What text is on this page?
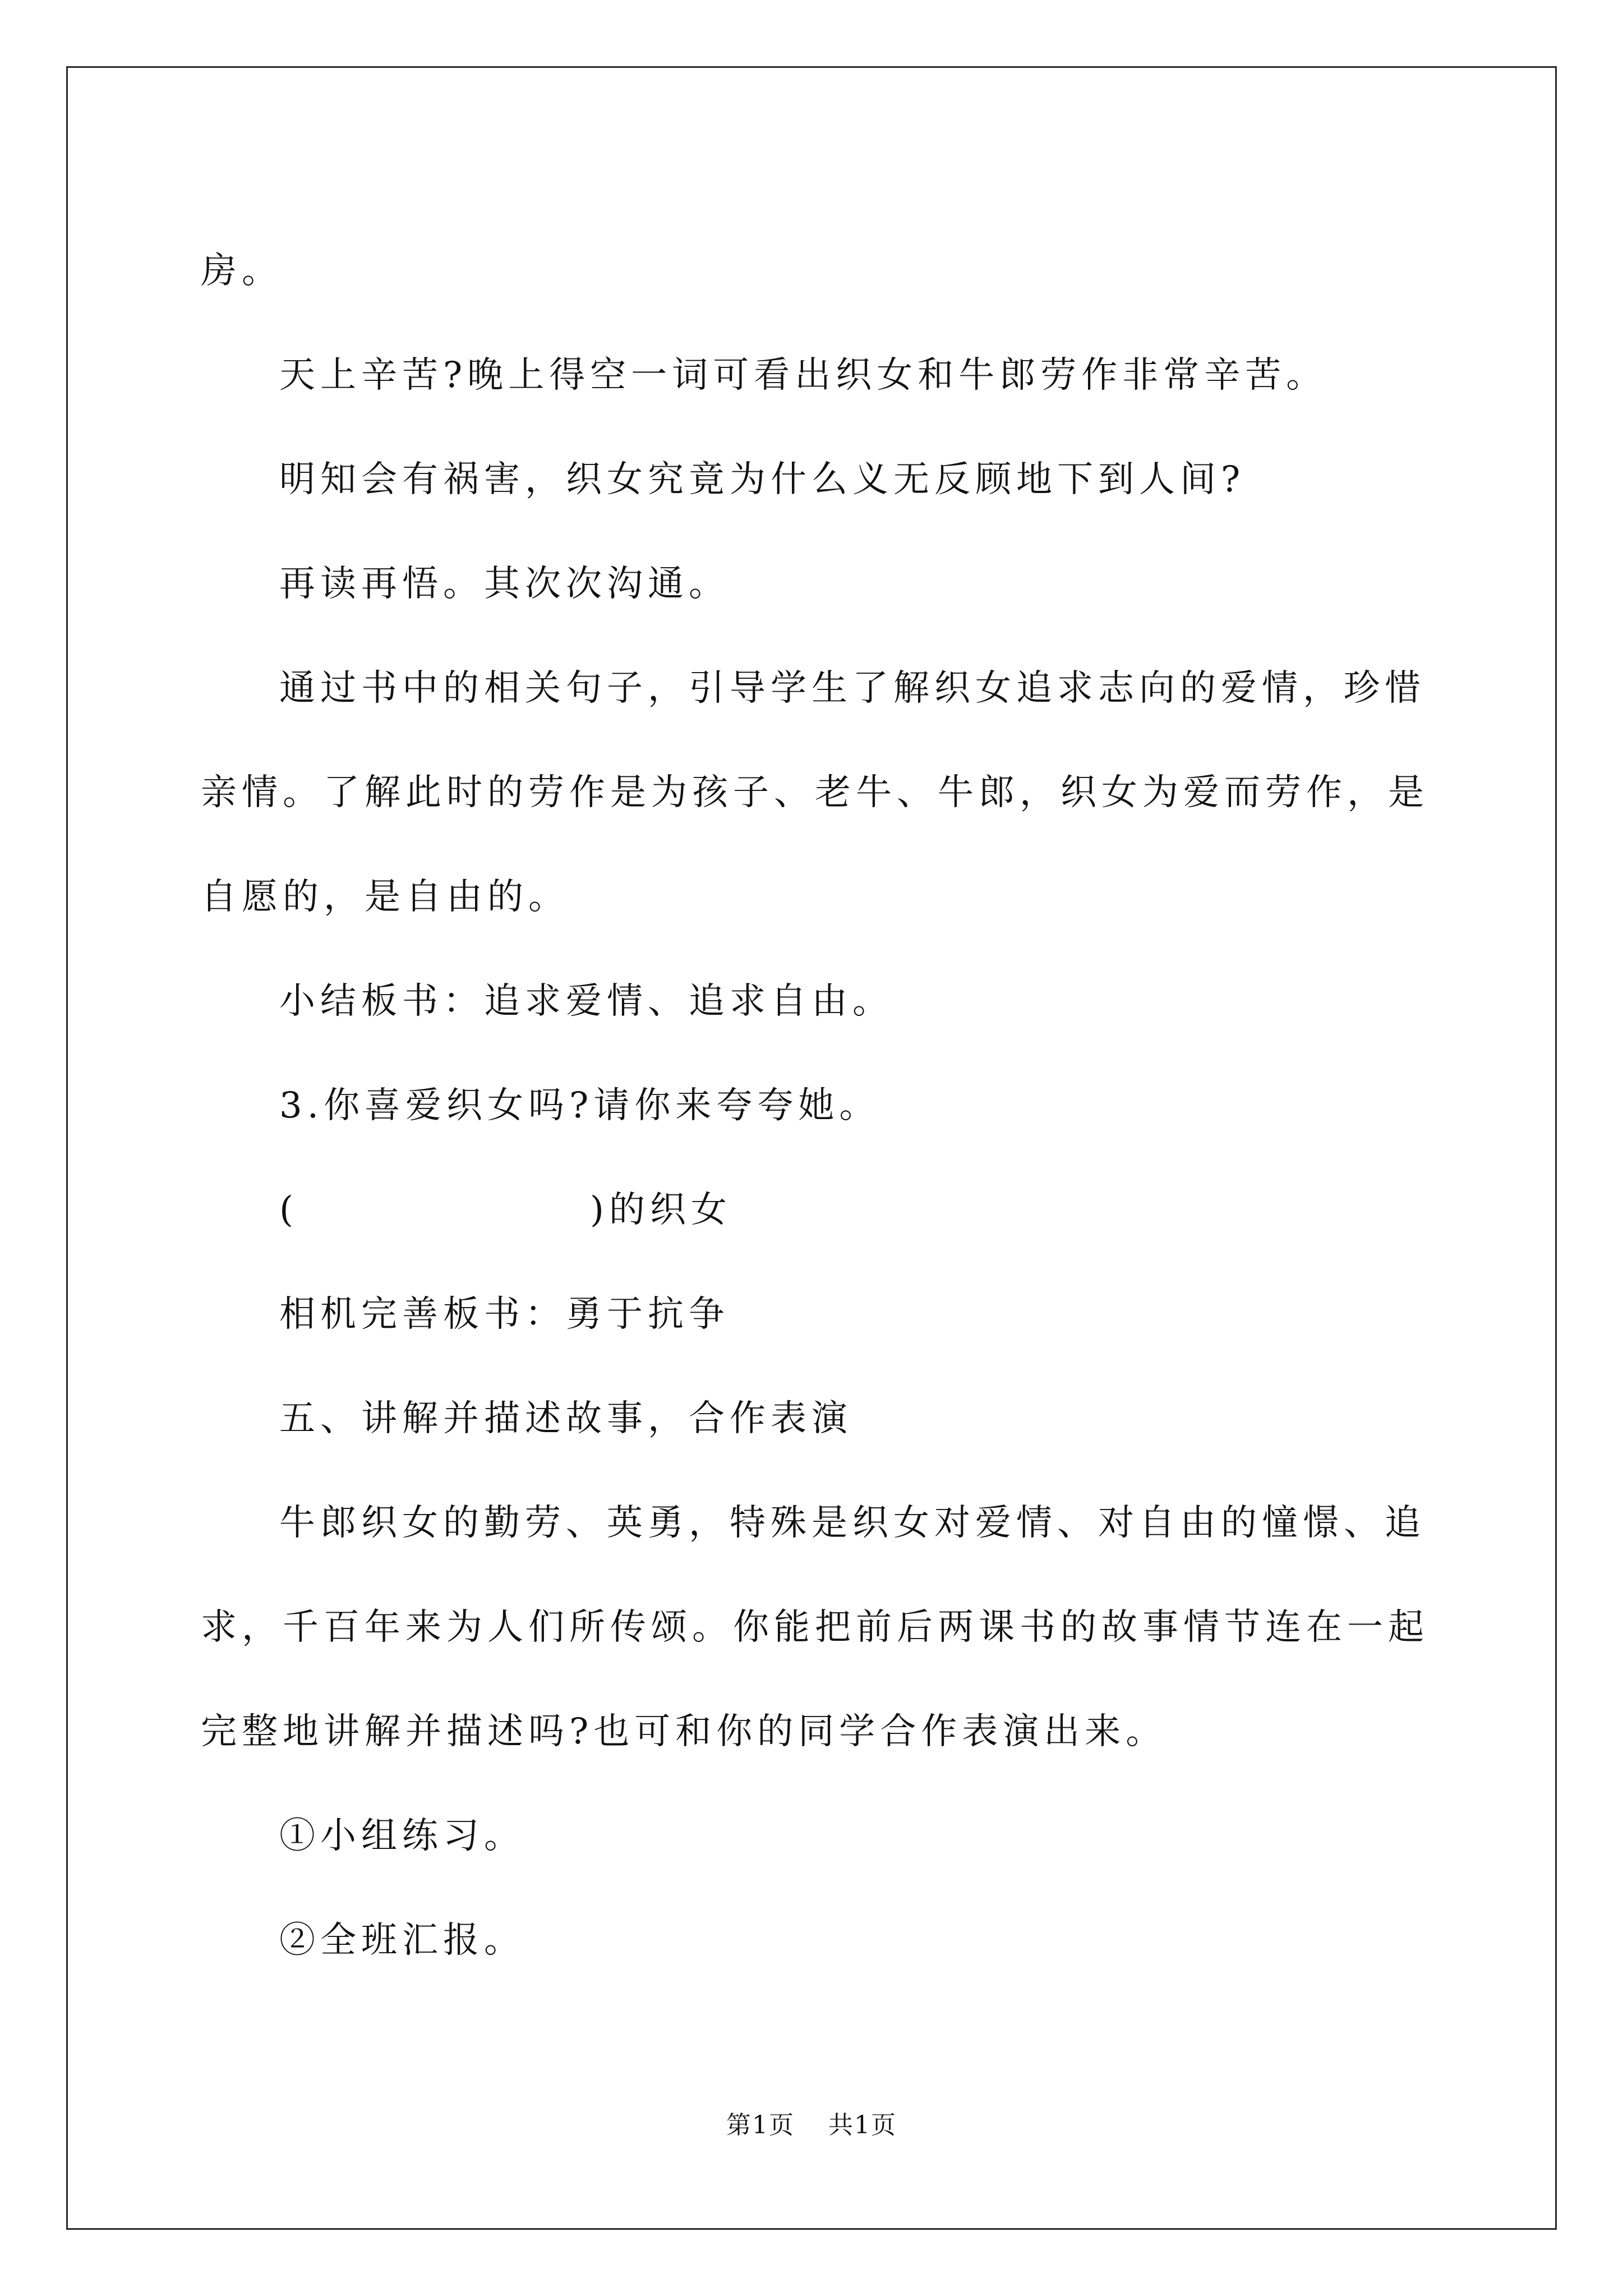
房。

天上辛苦?晚上得空一词可看出织女和牛郎劳作非常辛苦。

明知会有祸害，织女究竟为什么义无反顾地下到人间?

再读再悟。其次次沟通。

通过书中的相关句子，引导学生了解织女追求志向的爱情，珍惜

亲情。了解此时的劳作是为孩子、老牛、牛郎，织女为爱而劳作，是

自愿的，是自由的。

小结板书：追求爱情、追求自由。

3.你喜爱织女吗?请你来夸夸她。

(	)的织女

相机完善板书：勇于抗争

五、讲解并描述故事，合作表演

牛郎织女的勤劳、英勇，特殊是织女对爱情、对自由的憧憬、追

求，千百年来为人们所传颂。你能把前后两课书的故事情节连在一起

完整地讲解并描述吗?也可和你的同学合作表演出来。

①小组练习。

②全班汇报。

第1页 共1页
